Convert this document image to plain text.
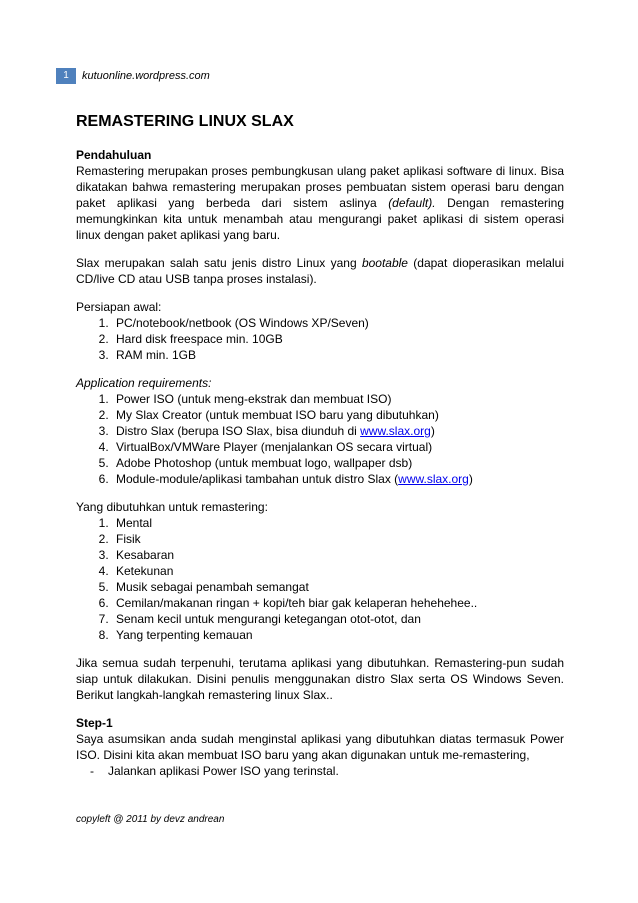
1	kutuonline.wordpress.com
REMASTERING LINUX SLAX
Pendahuluan

Remastering merupakan proses pembungkusan ulang paket aplikasi software di linux. Bisa dikatakan bahwa remastering merupakan proses pembuatan sistem operasi baru dengan paket aplikasi yang berbeda dari sistem aslinya (default). Dengan remastering memungkinkan kita untuk menambah atau mengurangi paket aplikasi di sistem operasi linux dengan paket aplikasi yang baru.

Slax merupakan salah satu jenis distro Linux yang bootable (dapat dioperasikan melalui CD/live CD atau USB tanpa proses instalasi).

Persiapan awal:
1. PC/notebook/netbook (OS Windows XP/Seven)
2. Hard disk freespace min. 10GB
3. RAM min. 1GB
Application requirements:
1. Power ISO (untuk meng-ekstrak dan membuat ISO)
2. My Slax Creator (untuk membuat ISO baru yang dibutuhkan)
3. Distro Slax (berupa ISO Slax, bisa diunduh di www.slax.org)
4. VirtualBox/VMWare Player (menjalankan OS secara virtual)
5. Adobe Photoshop (untuk membuat logo, wallpaper dsb)
6. Module-module/aplikasi tambahan untuk distro Slax (www.slax.org)
Yang dibutuhkan untuk remastering:
1. Mental
2. Fisik
3. Kesabaran
4. Ketekunan
5. Musik sebagai penambah semangat
6. Cemilan/makanan ringan + kopi/teh biar gak kelaperan hehehehee..
7. Senam kecil untuk mengurangi ketegangan otot-otot, dan
8. Yang terpenting kemauan

Jika semua sudah terpenuhi, terutama aplikasi yang dibutuhkan. Remastering-pun sudah siap untuk dilakukan. Disini penulis menggunakan distro Slax serta OS Windows Seven. Berikut langkah-langkah remastering linux Slax..

Step-1

Saya asumsikan anda sudah menginstal aplikasi yang dibutuhkan diatas termasuk Power ISO. Disini kita akan membuat ISO baru yang akan digunakan untuk me-remastering,

- Jalankan aplikasi Power ISO yang terinstal.
copyleft @ 2011 by devz andrean
